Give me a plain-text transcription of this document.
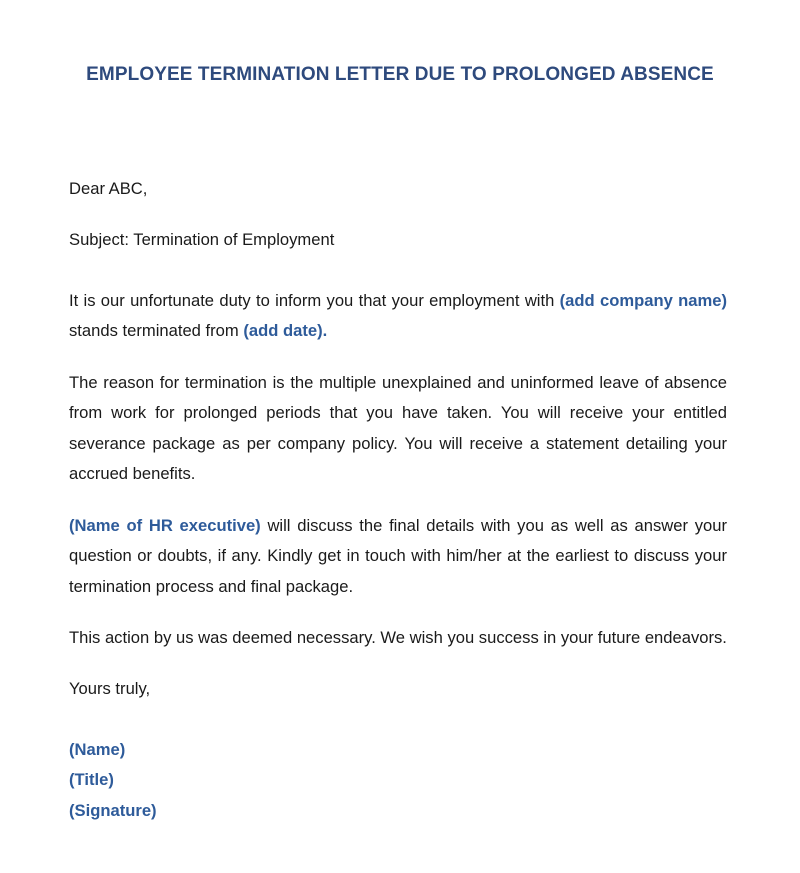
EMPLOYEE TERMINATION LETTER DUE TO PROLONGED ABSENCE
Dear ABC,
Subject: Termination of Employment
It is our unfortunate duty to inform you that your employment with (add company name) stands terminated from (add date).
The reason for termination is the multiple unexplained and uninformed leave of absence from work for prolonged periods that you have taken. You will receive your entitled severance package as per company policy. You will receive a statement detailing your accrued benefits.
(Name of HR executive) will discuss the final details with you as well as answer your question or doubts, if any. Kindly get in touch with him/her at the earliest to discuss your termination process and final package.
This action by us was deemed necessary. We wish you success in your future endeavors.
Yours truly,
(Name)
(Title)
(Signature)
